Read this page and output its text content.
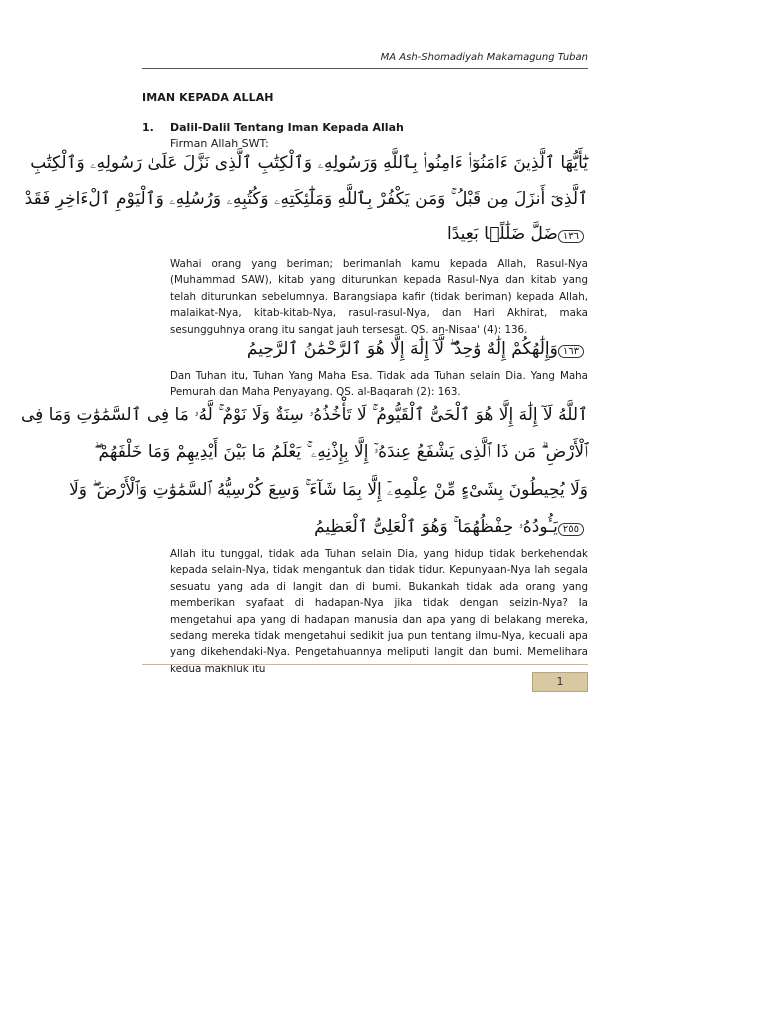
MA Ash-Shomadiyah Makamagung Tuban
IMAN KEPADA ALLAH
1. Dalil-Dalil Tentang Iman Kepada Allah
Firman Allah SWT:
يَٰٓأَيُّهَا ٱلَّذِينَ ءَامَنُوٓا۟ ءَامِنُوا۟ بِٱللَّهِ وَرَسُولِهِۦ وَٱلْكِتَٰبِ ٱلَّذِى نَزَّلَ عَلَىٰ رَسُولِهِۦ وَٱلْكِتَٰبِ
ٱلَّذِىٓ أَنزَلَ مِن قَبْلُ ۚ وَمَن يَكْفُرْ بِٱللَّهِ وَمَلَٰٓئِكَتِهِۦ وَكُتُبِهِۦ وَرُسُلِهِۦ وَٱلْيَوْمِ ٱلْءَاخِرِ فَقَدْ
١٣٦ضَلَّ ضَلَٰلًۢا بَعِيدًا
Wahai orang yang beriman; berimanlah kamu kepada Allah, Rasul-Nya (Muhammad SAW), kitab yang diturunkan kepada Rasul-Nya dan kitab yang telah diturunkan sebelumnya. Barangsiapa kafir (tidak beriman) kepada Allah, malaikat-Nya, kitab-kitab-Nya, rasul-rasul-Nya, dan Hari Akhirat, maka sesungguhnya orang itu sangat jauh tersesat. QS. an-Nisaa' (4): 136.
١٦٣وَإِلَٰهُكُمْ إِلَٰهٌ وَٰحِدٌ ۖ لَّآ إِلَٰهَ إِلَّا هُوَ ٱلرَّحْمَٰنُ ٱلرَّحِيمُ
Dan Tuhan itu, Tuhan Yang Maha Esa. Tidak ada Tuhan selain Dia. Yang Maha Pemurah dan Maha Penyayang. QS. al-Baqarah (2): 163.
ٱللَّهُ لَآ إِلَٰهَ إِلَّا هُوَ ٱلْحَىُّ ٱلْقَيُّومُ ۚ لَا تَأْخُذُهُۥ سِنَةٌ وَلَا نَوْمٌ ۚ لَّهُۥ مَا فِى ٱلسَّمَٰوَٰتِ وَمَا فِى
ٱلْأَرْضِ ۗ مَن ذَا ٱلَّذِى يَشْفَعُ عِندَهُۥٓ إِلَّا بِإِذْنِهِۦ ۚ يَعْلَمُ مَا بَيْنَ أَيْدِيهِمْ وَمَا خَلْفَهُمْ ۖ
وَلَا يُحِيطُونَ بِشَىْءٍ مِّنْ عِلْمِهِۦٓ إِلَّا بِمَا شَآءَ ۚ وَسِعَ كُرْسِيُّهُ ٱلسَّمَٰوَٰتِ وَٱلْأَرْضَ ۖ وَلَا
٢٥٥يَـُٔودُهُۥ حِفْظُهُمَا ۚ وَهُوَ ٱلْعَلِىُّ ٱلْعَظِيمُ
Allah itu tunggal, tidak ada Tuhan selain Dia, yang hidup tidak berkehendak kepada selain-Nya, tidak mengantuk dan tidak tidur. Kepunyaan-Nya lah segala sesuatu yang ada di langit dan di bumi. Bukankah tidak ada orang yang memberikan syafaat di hadapan-Nya jika tidak dengan seizin-Nya? Ia mengetahui apa yang di hadapan manusia dan apa yang di belakang mereka, sedang mereka tidak mengetahui sedikit jua pun tentang ilmu-Nya, kecuali apa yang dikehendaki-Nya. Pengetahuannya meliputi langit dan bumi. Memelihara kedua makhluk itu
1
